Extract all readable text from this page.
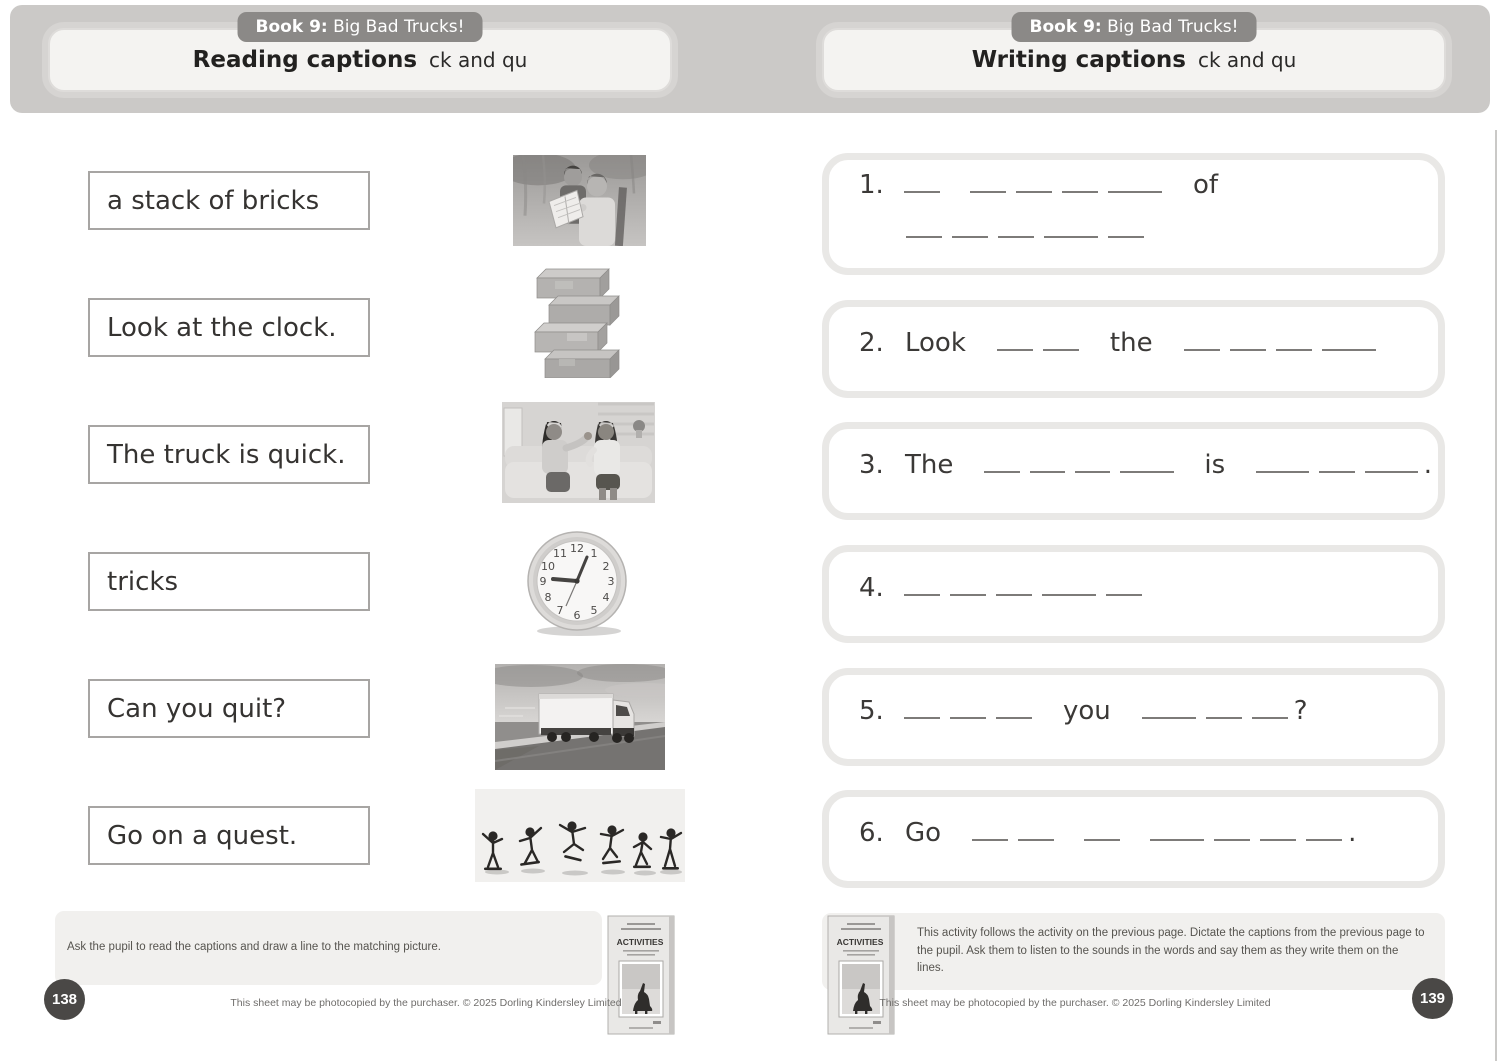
Reading captions ck and qu
Book 9: Big Bad Trucks!
Writing captions ck and qu
Book 9: Big Bad Trucks!
a stack of bricks
Look at the clock.
The truck is quick.
tricks
Can you quit?
Go on a quest.
12 1
2
3
4
5
6
7
8
9
10
11
1.	of
2. Look	the
3. The	is	.
4.
5.	you	?
6. Go	.
Ask the pupil to read the captions and draw a line to the matching picture.	ACTIVITIES
This sheet may be photocopied by the purchaser. © 2025 Dorling Kindersley Limited
138
This activity follows the activity on the previous page. Dictate the captions from the previous page to the pupil. Ask them to listen to the sounds in the words and say them as they write them on the lines.
ACTIVITIES
This sheet may be photocopied by the purchaser. © 2025 Dorling Kindersley Limited	139
